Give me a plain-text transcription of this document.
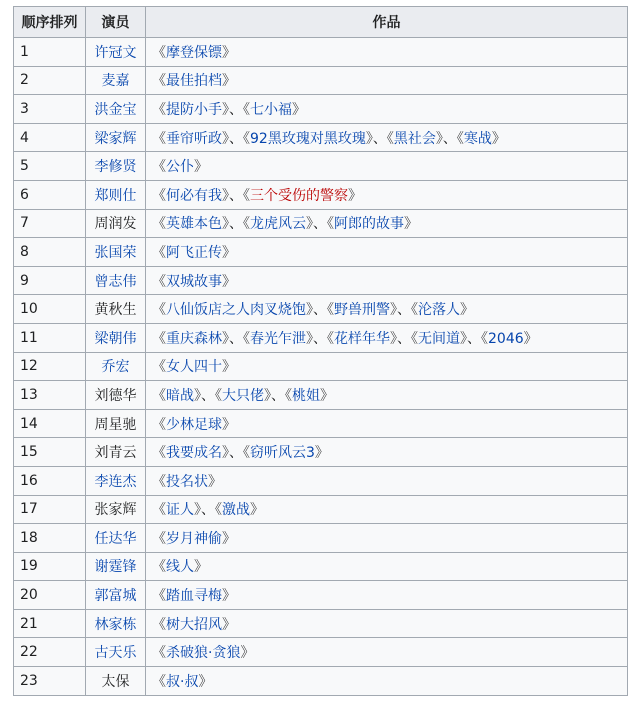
顺序排列	演员	作品
1	许冠文	《摩登保镖》
2	麦嘉	《最佳拍档》
3	洪金宝	《提防小手》、《七小福》
4	梁家辉	《垂帘听政》、《92黑玫瑰对黑玫瑰》、《黑社会》、《寒战》
5	李修贤	《公仆》
6	郑则仕	《何必有我》、《三个受伤的警察》
7	周润发	《英雄本色》、《龙虎风云》、《阿郎的故事》
8	张国荣	《阿飞正传》
9	曾志伟	《双城故事》
10	黄秋生	《八仙饭店之人肉叉烧饱》、《野兽刑警》、《沦落人》
11	梁朝伟	《重庆森林》、《春光乍泄》、《花样年华》、《无间道》、《2046》
12	乔宏	《女人四十》
13	刘德华	《暗战》、《大只佬》、《桃姐》
14	周星驰	《少林足球》
15	刘青云	《我要成名》、《窃听风云3》
16	李连杰	《投名状》
17	张家辉	《证人》、《激战》
18	任达华	《岁月神偷》
19	谢霆锋	《线人》
20	郭富城	《踏血寻梅》
21	林家栋	《树大招风》
22	古天乐	《杀破狼·贪狼》
23	太保	《叔·叔》
